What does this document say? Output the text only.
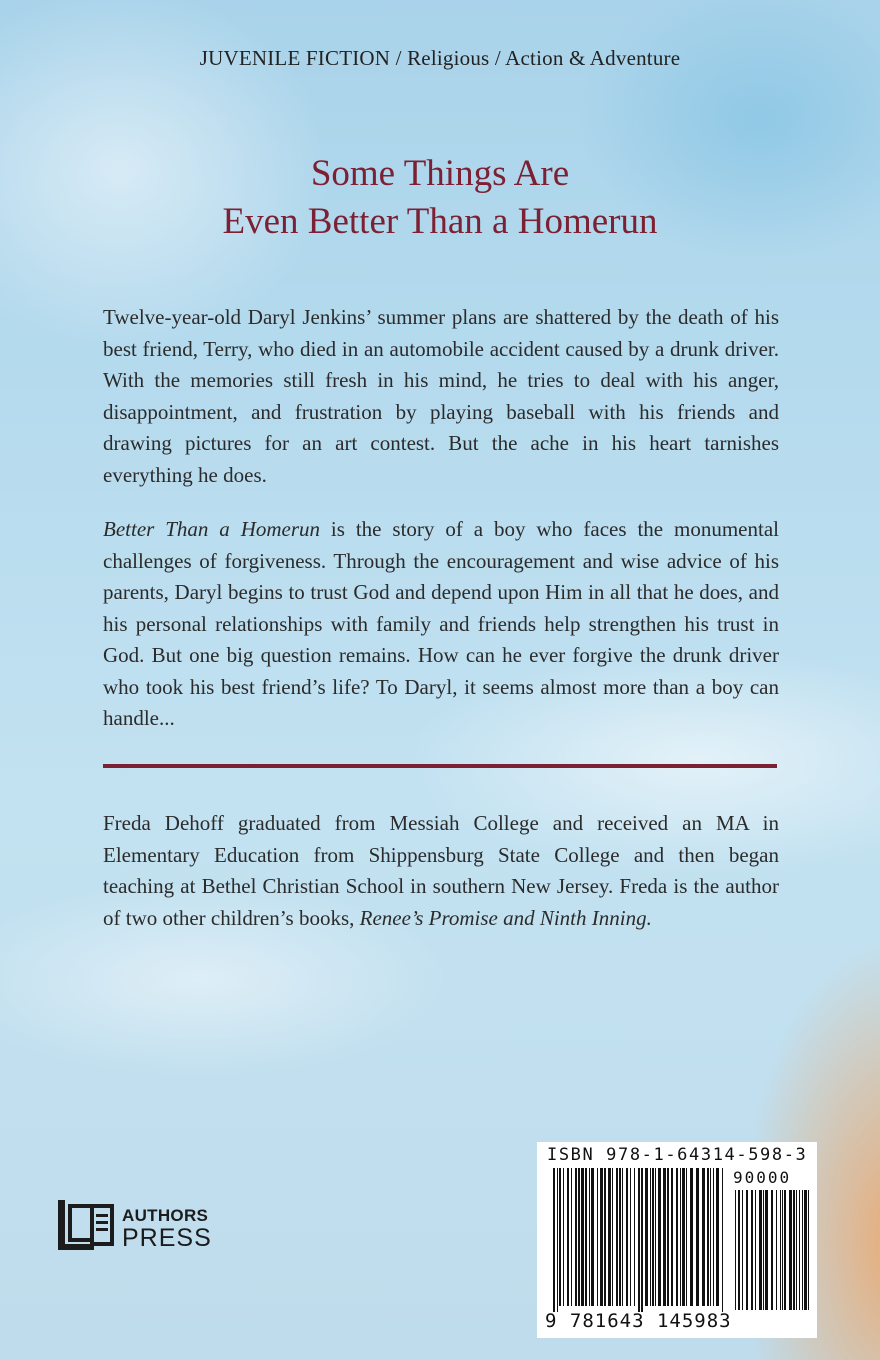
JUVENILE FICTION / Religious / Action & Adventure
Some Things Are
Even Better Than a Homerun
Twelve-year-old Daryl Jenkins’ summer plans are shattered by the death of his best friend, Terry, who died in an automobile accident caused by a drunk driver. With the memories still fresh in his mind, he tries to deal with his anger, disappointment, and frustration by playing baseball with his friends and drawing pictures for an art contest. But the ache in his heart tarnishes everything he does.
Better Than a Homerun is the story of a boy who faces the monumental challenges of forgiveness. Through the encouragement and wise advice of his parents, Daryl begins to trust God and depend upon Him in all that he does, and his personal relationships with family and friends help strengthen his trust in God. But one big question remains. How can he ever forgive the drunk driver who took his best friend’s life? To Daryl, it seems almost more than a boy can handle...
Freda Dehoff graduated from Messiah College and received an MA in Elementary Education from Shippensburg State College and then began teaching at Bethel Christian School in southern New Jersey. Freda is the author of two other children’s books, Renee’s Promise and Ninth Inning.
AUTHORS
PRESS
ISBN 978-1-64314-598-3
90000
9 781643 145983
